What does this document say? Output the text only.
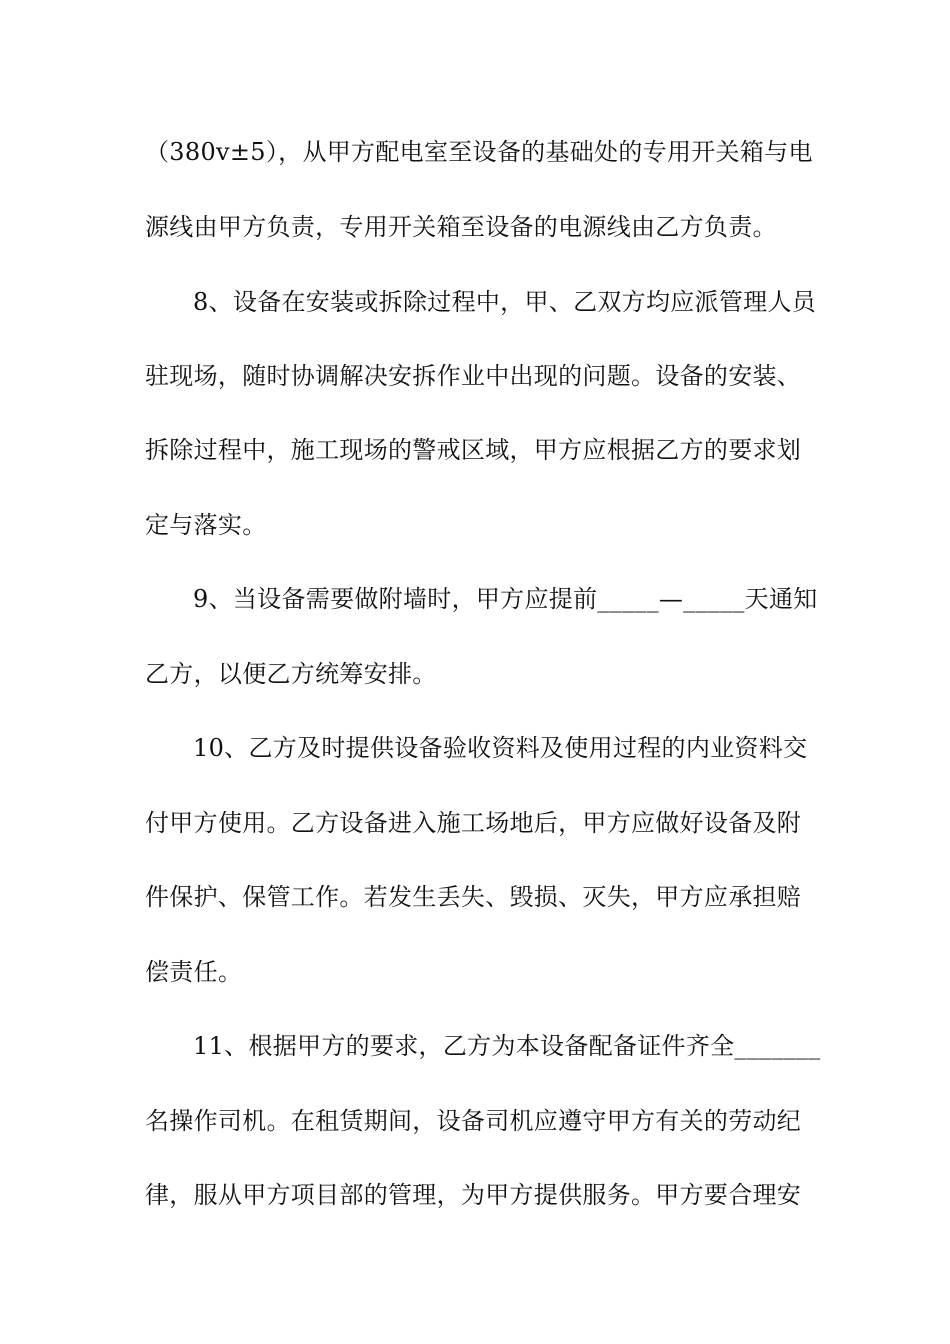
（380v±5），从甲方配电室至设备的基础处的专用开关箱与电
源线由甲方负责，专用开关箱至设备的电源线由乙方负责。
8、设备在安装或拆除过程中，甲、乙双方均应派管理人员
驻现场，随时协调解决安拆作业中出现的问题。设备的安装、
拆除过程中，施工现场的警戒区域，甲方应根据乙方的要求划
定与落实。
9、当设备需要做附墙时，甲方应提前_____—_____天通知
乙方，以便乙方统筹安排。
10、乙方及时提供设备验收资料及使用过程的内业资料交
付甲方使用。乙方设备进入施工场地后，甲方应做好设备及附
件保护、保管工作。若发生丢失、毁损、灭失，甲方应承担赔
偿责任。
11、根据甲方的要求，乙方为本设备配备证件齐全_______
名操作司机。在租赁期间，设备司机应遵守甲方有关的劳动纪
律，服从甲方项目部的管理，为甲方提供服务。甲方要合理安
